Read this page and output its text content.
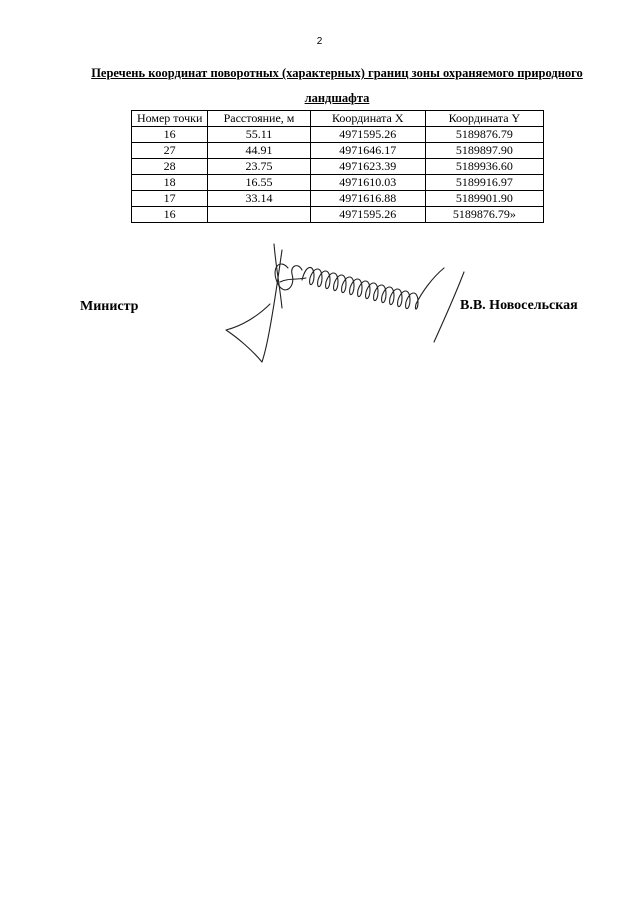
2
Перечень координат поворотных (характерных) границ зоны охраняемого природного ландшафта
Номер точки	Расстояние, м	Координата X	Координата Y
16	55.11	4971595.26	5189876.79
27	44.91	4971646.17	5189897.90
28	23.75	4971623.39	5189936.60
18	16.55	4971610.03	5189916.97
17	33.14	4971616.88	5189901.90
16		4971595.26	5189876.79»
Министр	В.В. Новосельская
